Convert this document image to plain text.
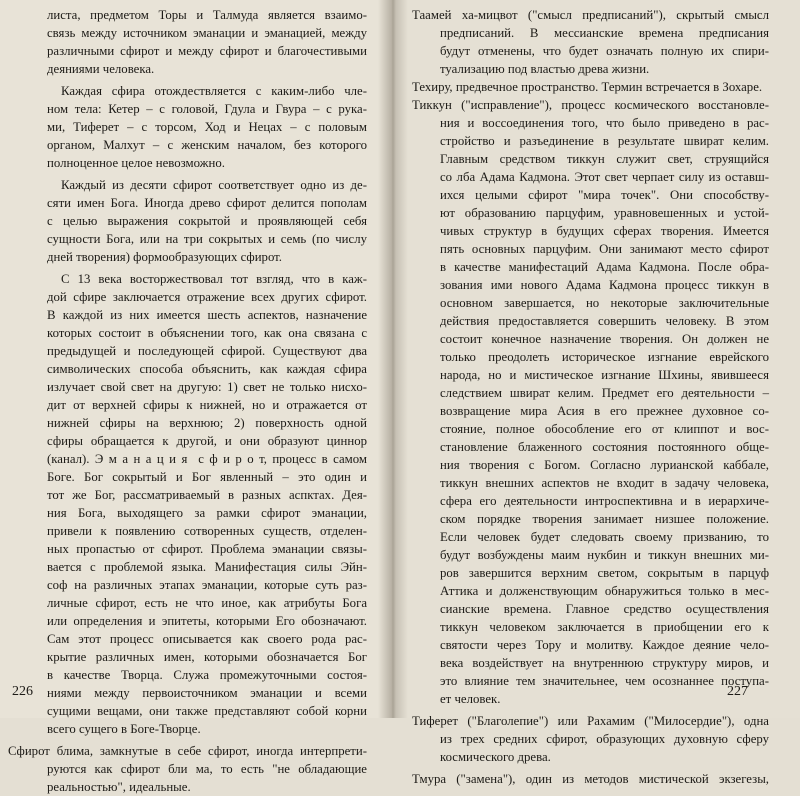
листа, предметом Торы и Талмуда является взаимо-
связь между источником эманации и эманацией, между
различными сфирот и между сфирот и благочестивыми
деяниями человека.
Каждая сфира отождествляется с каким-либо чле-
ном тела: Кетер – с головой, Гдула и Гвура – с рука-
ми, Тиферет – с торсом, Ход и Нецах – с половым
органом, Малхут – с женским началом, без которого
полноценное целое невозможно.
Каждый из десяти сфирот соответствует одно из де-
сяти имен Бога. Иногда древо сфирот делится пополам
с целью выражения сокрытой и проявляющей себя
сущности Бога, или на три сокрытых и семь (по числу
дней творения) формообразующих сфирот.
С 13 века восторжествовал тот взгляд, что в каж-
дой сфире заключается отражение всех других сфирот.
В каждой из них имеется шесть аспектов, назначение
которых состоит в объяснении того, как она связана с
предыдущей и последующей сфирой. Существуют два
символических способа объяснить, как каждая сфира
излучает свой свет на другую: 1) свет не только нисхо-
дит от верхней сфиры к нижней, но и отражается от
нижней сфиры на верхнюю; 2) поверхность одной
сфиры обращается к другой, и они образуют циннор
(канал). Э м а н а ц и я  с ф и р о т, процесс в самом
Боге. Бог сокрытый и Бог явленный – это один и
тот же Бог, рассматриваемый в разных аспктах. Дея-
ния Бога, выходящего за рамки сфирот эманации,
привели к появлению сотворенных существ, отделен-
ных пропастью от сфирот. Проблема эманации связы-
вается с проблемой языка. Манифестация силы Эйн-
соф на различных этапах эманации, которые суть раз-
личные сфирот, есть не что иное, как атрибуты Бога
или определения и эпитеты, которыми Его обозначают.
Сам этот процесс описывается как своего рода рас-
крытие различных имен, которыми обозначается Бог
в качестве Творца. Служа промежуточными состоя-
ниями между первоисточником эманации и всеми
сущими вещами, они также представляют собой корни
всего сущего в Боге-Творце.
Сфирот блима, замкнутые в себе сфирот, иногда интерпрети-
руются как сфирот бли ма, то есть "не обладающие
реальностью", идеальные.
226
Таамей ха-мицвот ("смысл предписаний"), скрытый смысл
предписаний. В мессианские времена предписания
будут отменены, что будет означать полную их спири-
туализацию под властью древа жизни.
Техиру, предвечное пространство. Термин встречается в Зохаре.
Тиккун ("исправление"), процесс космического восстановле-
ния и воссоединения того, что было приведено в рас-
стройство и разъединение в результате швират келим.
Главным средством тиккун служит свет, струящийся
со лба Адама Кадмона. Этот свет черпает силу из оставш-
ихся целыми сфирот "мира точек". Они способству-
ют образованию парцуфим, уравновешенных и устой-
чивых структур в будущих сферах творения. Имеется
пять основных парцуфим. Они занимают место сфирот
в качестве манифестаций Адама Кадмона. После обра-
зования ими нового Адама Кадмона процесс тиккун в
основном завершается, но некоторые заключительные
действия предоставляется совершить человеку. В этом
состоит конечное назначение творения. Он должен не
только преодолеть историческое изгнание еврейского
народа, но и мистическое изгнание Шхины, явившееся
следствием швират келим. Предмет его деятельности –
возвращение мира Асия в его прежнее духовное со-
стояние, полное обособление его от клиппот и вос-
становление блаженного состояния постоянного обще-
ния творения с Богом. Согласно лурианской каббале,
тиккун внешних аспектов не входит в задачу человека,
сфера его деятельности интроспективна и в иерархиче-
ском порядке творения занимает низшее положение.
Если человек будет следовать своему призванию, то
будут возбуждены маим нукбин и тиккун внешних ми-
ров завершится верхним светом, сокрытым в парцуф
Аттика и долженствующим обнаружиться только в мес-
сианские времена. Главное средство осуществления
тиккун человеком заключается в приобщении его к
святости через Тору и молитву. Каждое деяние чело-
века воздействует на внутреннюю структуру миров, и
это влияние тем значительнее, чем осознаннее поступа-
ет человек.
Тиферет ("Благолепие") или Рахамим ("Милосердие"), одна
из трех средних сфирот, образующих духовную сферу
космического древа.
Тмура ("замена"), один из методов мистической экзегезы,
227
